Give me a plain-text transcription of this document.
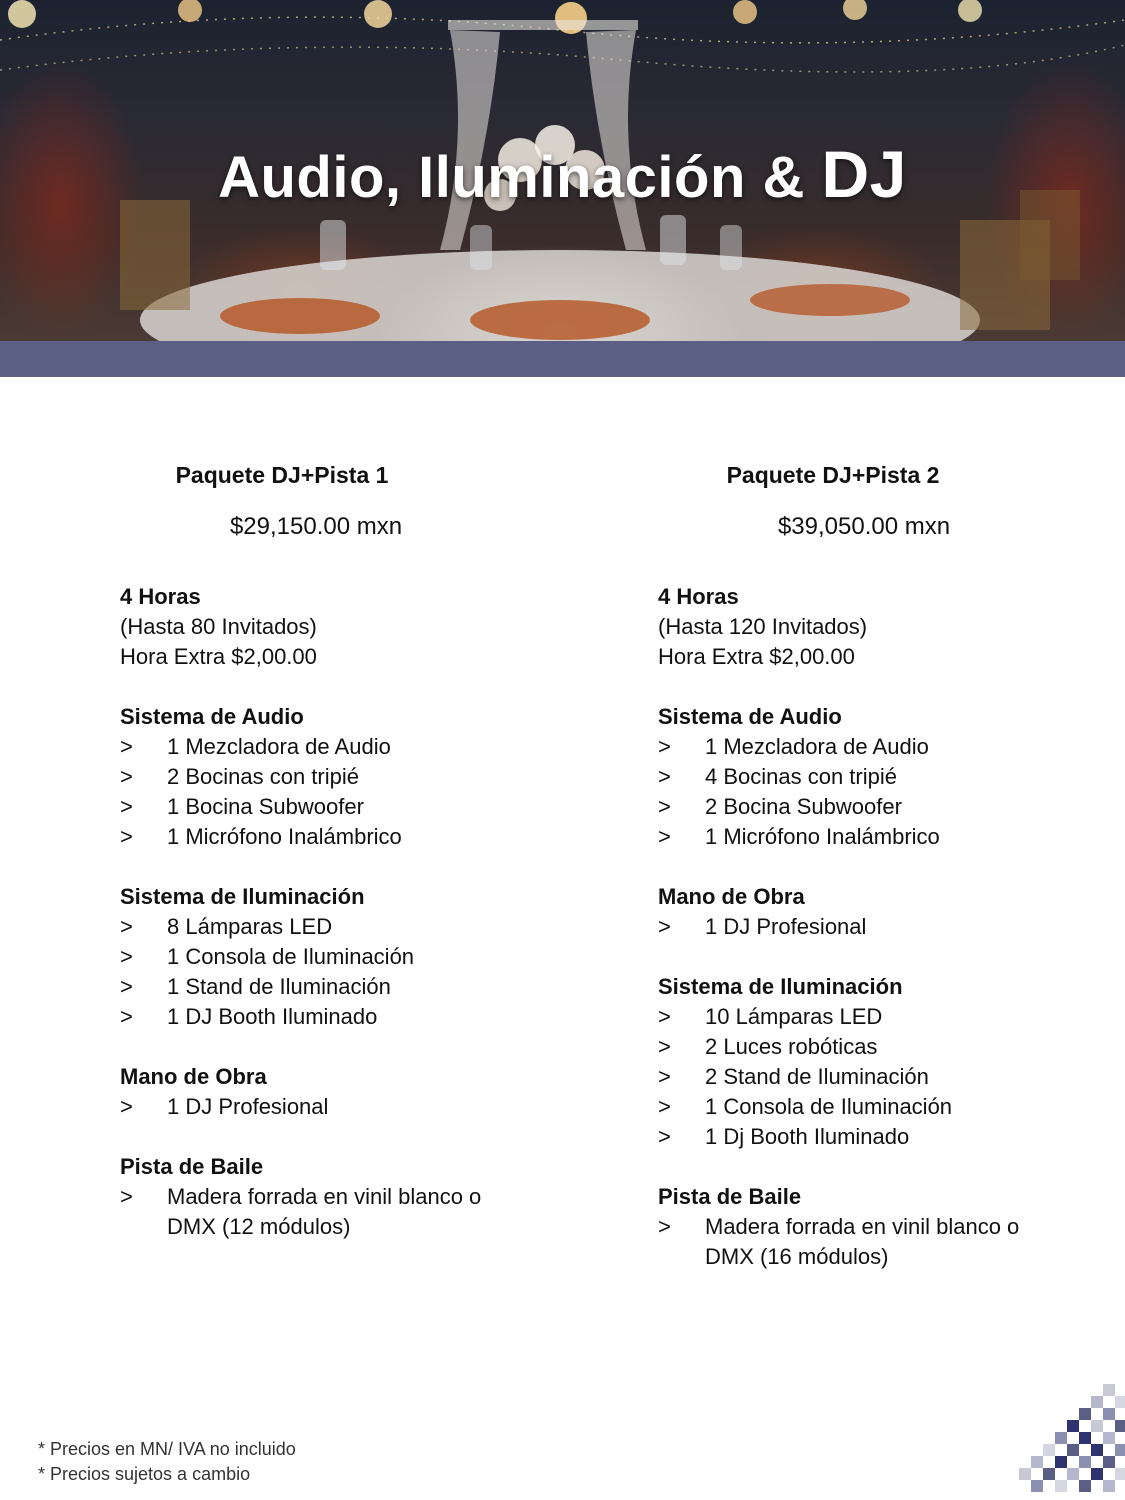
Audio, Iluminación & DJ

Paquete DJ+Pista 1

$29,150.00 mxn

4 Horas

(Hasta 80 Invitados)

Hora Extra $2,00.00

Sistema de Audio

>	1 Mezcladora de Audio

>	2 Bocinas con tripié

>	1 Bocina Subwoofer

>	1 Micrófono Inalámbrico

Sistema de Iluminación

>	8 Lámparas LED

>	1 Consola de Iluminación

>	1 Stand de Iluminación

>	1 DJ Booth Iluminado

Mano de Obra

>	1 DJ Profesional

Pista de Baile

>	Madera forrada en vinil blanco o DMX (12 módulos)

Paquete DJ+Pista 2

$39,050.00 mxn

4 Horas

(Hasta 120 Invitados)

Hora Extra $2,00.00

Sistema de Audio

>	1 Mezcladora de Audio

>	4 Bocinas con tripié

>	2 Bocina Subwoofer

>	1 Micrófono Inalámbrico

Mano de Obra

>	1 DJ Profesional

Sistema de Iluminación

>	10 Lámparas LED

>	2 Luces robóticas

>	2 Stand de Iluminación

>	1 Consola de Iluminación

>	1 Dj Booth Iluminado

Pista de Baile

>	Madera forrada en vinil blanco o DMX (16 módulos)

* Precios en MN/ IVA no incluido

* Precios sujetos a cambio
